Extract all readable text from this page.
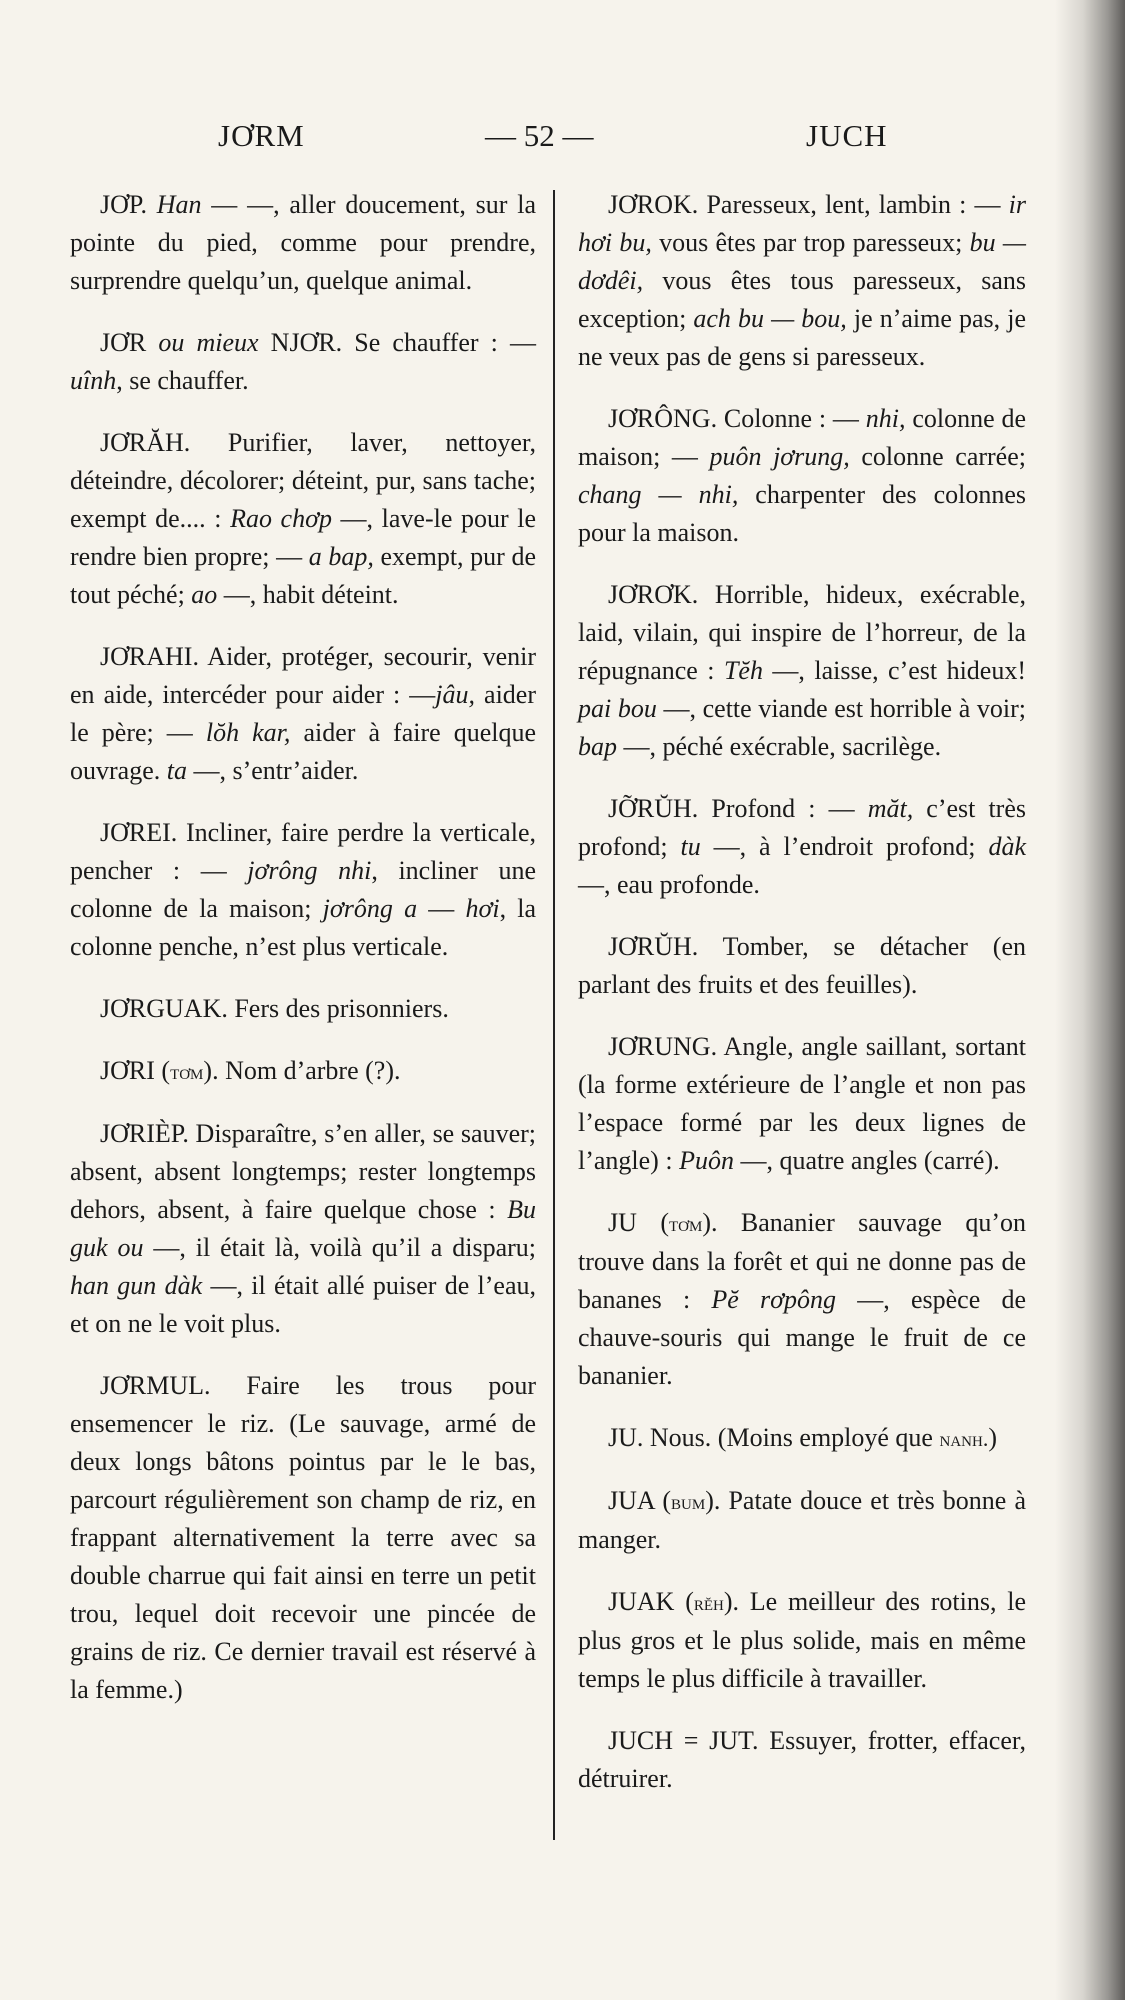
JƠRM	— 52 —	JUCH

JƠP. Han — —, aller doucement, sur la pointe du pied, comme pour prendre, surprendre quelqu’un, quelque animal.

JƠR ou mieux NJƠR. Se chauffer : — uînh, se chauffer.

JƠRĂH. Purifier, laver, nettoyer, déteindre, décolorer; déteint, pur, sans tache; exempt de.... : Rao chơp —, lave-le pour le rendre bien propre; — a bap, exempt, pur de tout péché; ao —, habit déteint.

JƠRAHI. Aider, protéger, secourir, venir en aide, intercéder pour aider : —jâu, aider le père; — lŏh kar, aider à faire quelque ouvrage. ta —, s’entr’aider.

JƠREI. Incliner, faire perdre la verticale, pencher : — jơrông nhi, incliner une colonne de la maison; jơrông a — hơi, la colonne penche, n’est plus verticale.

JƠRGUAK. Fers des prisonniers.

JƠRI (tơm). Nom d’arbre (?).

JƠRIÈP. Disparaître, s’en aller, se sauver; absent, absent longtemps; rester longtemps dehors, absent, à faire quelque chose : Bu guk ou —, il était là, voilà qu’il a disparu; han gun dàk —, il était allé puiser de l’eau, et on ne le voit plus.

JƠRMUL. Faire les trous pour ensemencer le riz. (Le sauvage, armé de deux longs bâtons pointus par le le bas, parcourt régulièrement son champ de riz, en frappant alternativement la terre avec sa double charrue qui fait ainsi en terre un petit trou, lequel doit recevoir une pincée de grains de riz. Ce dernier travail est réservé à la femme.)

JƠROK. Paresseux, lent, lambin : — ir hơi bu, vous êtes par trop paresseux; bu — dơdêi, vous êtes tous paresseux, sans exception; ach bu — bou, je n’aime pas, je ne veux pas de gens si paresseux.

JƠRÔNG. Colonne : — nhi, colonne de maison; — puôn jơrung, colonne carrée; chang — nhi, charpenter des colonnes pour la maison.

JƠRƠK. Horrible, hideux, exécrable, laid, vilain, qui inspire de l’horreur, de la répugnance : Tĕh —, laisse, c’est hideux! pai bou —, cette viande est horrible à voir; bap —, péché exécrable, sacrilège.

JỠRŬH. Profond : — măt, c’est très profond; tu —, à l’endroit profond; dàk —, eau profonde.

JƠRŬH. Tomber, se détacher (en parlant des fruits et des feuilles).

JƠRUNG. Angle, angle saillant, sortant (la forme extérieure de l’angle et non pas l’espace formé par les deux lignes de l’angle) : Puôn —, quatre angles (carré).

JU (tơm). Bananier sauvage qu’on trouve dans la forêt et qui ne donne pas de bananes : Pĕ rơpông —, espèce de chauve-souris qui mange le fruit de ce bananier.

JU. Nous. (Moins employé que nanh.)

JUA (bum). Patate douce et très bonne à manger.

JUAK (rĕh). Le meilleur des rotins, le plus gros et le plus solide, mais en même temps le plus difficile à travailler.

JUCH = JUT. Essuyer, frotter, effacer, détruirer.
